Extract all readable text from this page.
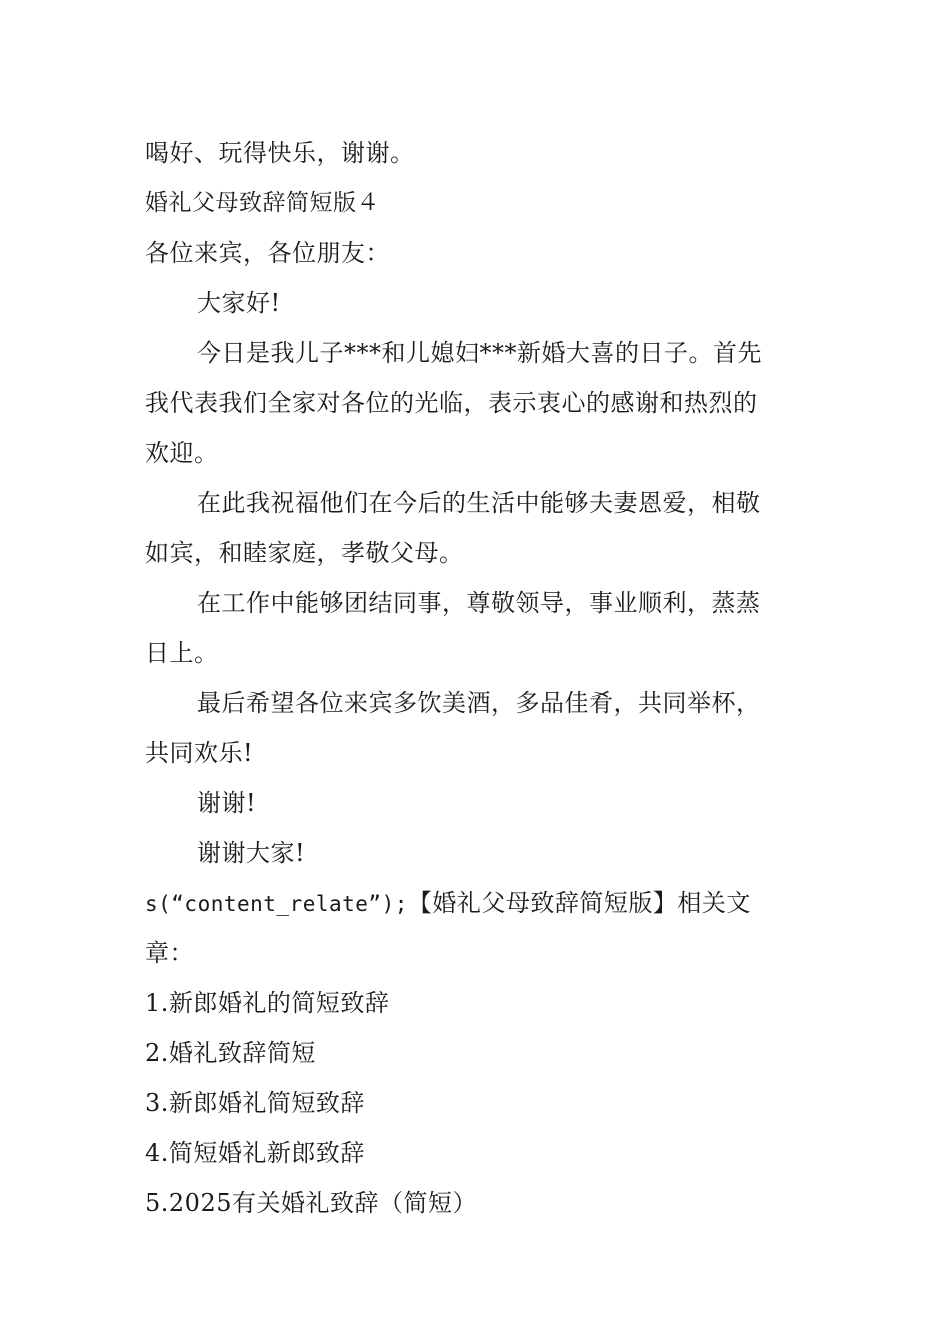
喝好、玩得快乐，谢谢。
婚礼父母致辞简短版４
各位来宾，各位朋友：
大家好!
今日是我儿子***和儿媳妇***新婚大喜的日子。首先
我代表我们全家对各位的光临，表示衷心的感谢和热烈的
欢迎。
在此我祝福他们在今后的生活中能够夫妻恩爱，相敬
如宾，和睦家庭，孝敬父母。
在工作中能够团结同事，尊敬领导，事业顺利，蒸蒸
日上。
最后希望各位来宾多饮美酒，多品佳肴，共同举杯，
共同欢乐!
谢谢!
谢谢大家!
s(“content_relate”);【婚礼父母致辞简短版】相关文
章：
1.新郎婚礼的简短致辞
2.婚礼致辞简短
3.新郎婚礼简短致辞
4.简短婚礼新郎致辞
5.2025有关婚礼致辞（简短）
